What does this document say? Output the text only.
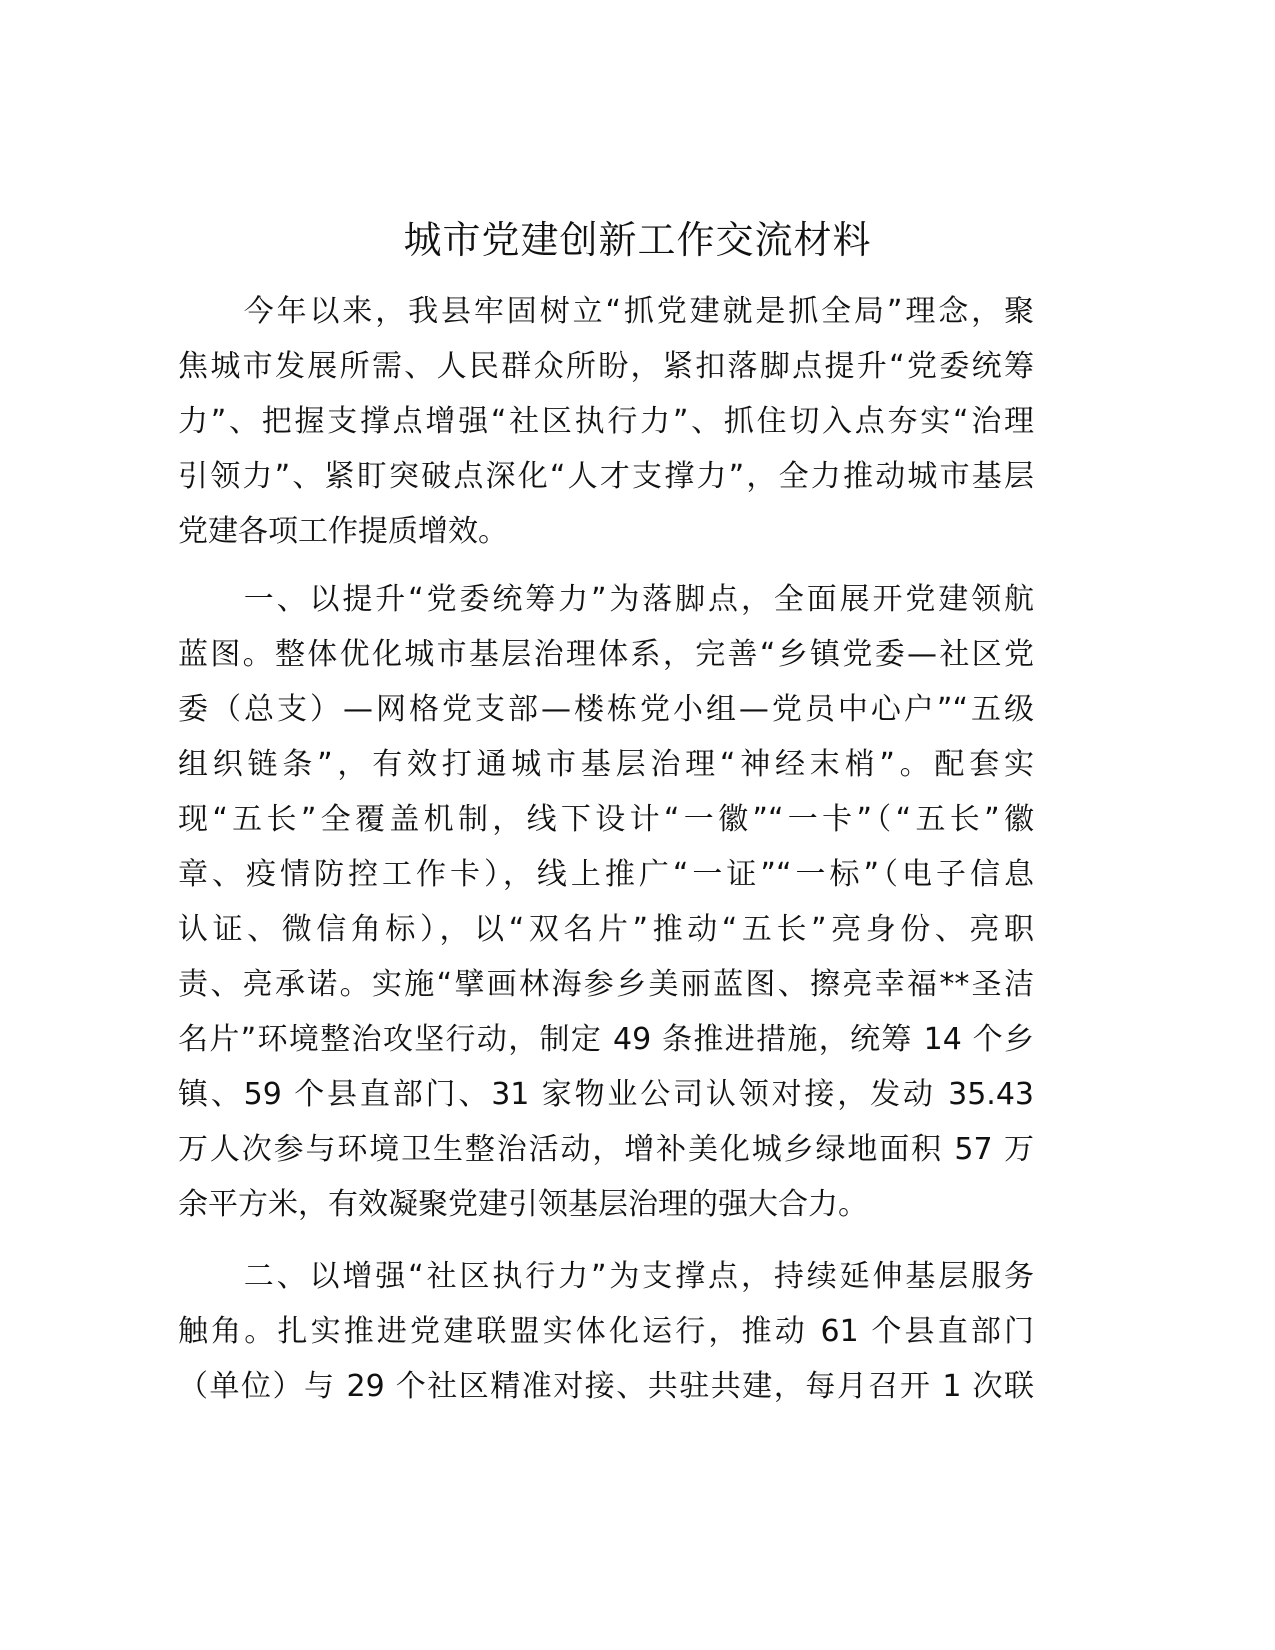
城市党建创新工作交流材料
　　今年以来，我县牢固树立“抓党建就是抓全局”理念，聚
焦城市发展所需、人民群众所盼，紧扣落脚点提升“党委统筹
力”、把握支撑点增强“社区执行力”、抓住切入点夯实“治理
引领力”、紧盯突破点深化“人才支撑力”，全力推动城市基层
党建各项工作提质增效。
　　一、以提升“党委统筹力”为落脚点，全面展开党建领航
蓝图。整体优化城市基层治理体系，完善“乡镇党委—社区党
委（总支）—网格党支部—楼栋党小组—党员中心户”“五级
组织链条”，有效打通城市基层治理“神经末梢”。配套实
现“五长”全覆盖机制，线下设计“一徽”“一卡”（“五长”徽
章、疫情防控工作卡），线上推广“一证”“一标”（电子信息
认证、微信角标），以“双名片”推动“五长”亮身份、亮职
责、亮承诺。实施“擘画林海参乡美丽蓝图、擦亮幸福**圣洁
名片”环境整治攻坚行动，制定 49 条推进措施，统筹 14 个乡
镇、59 个县直部门、31 家物业公司认领对接，发动 35.43
万人次参与环境卫生整治活动，增补美化城乡绿地面积 57 万
余平方米，有效凝聚党建引领基层治理的强大合力。
　　二、以增强“社区执行力”为支撑点，持续延伸基层服务
触角。扎实推进党建联盟实体化运行，推动 61 个县直部门
（单位）与 29 个社区精准对接、共驻共建，每月召开 1 次联
